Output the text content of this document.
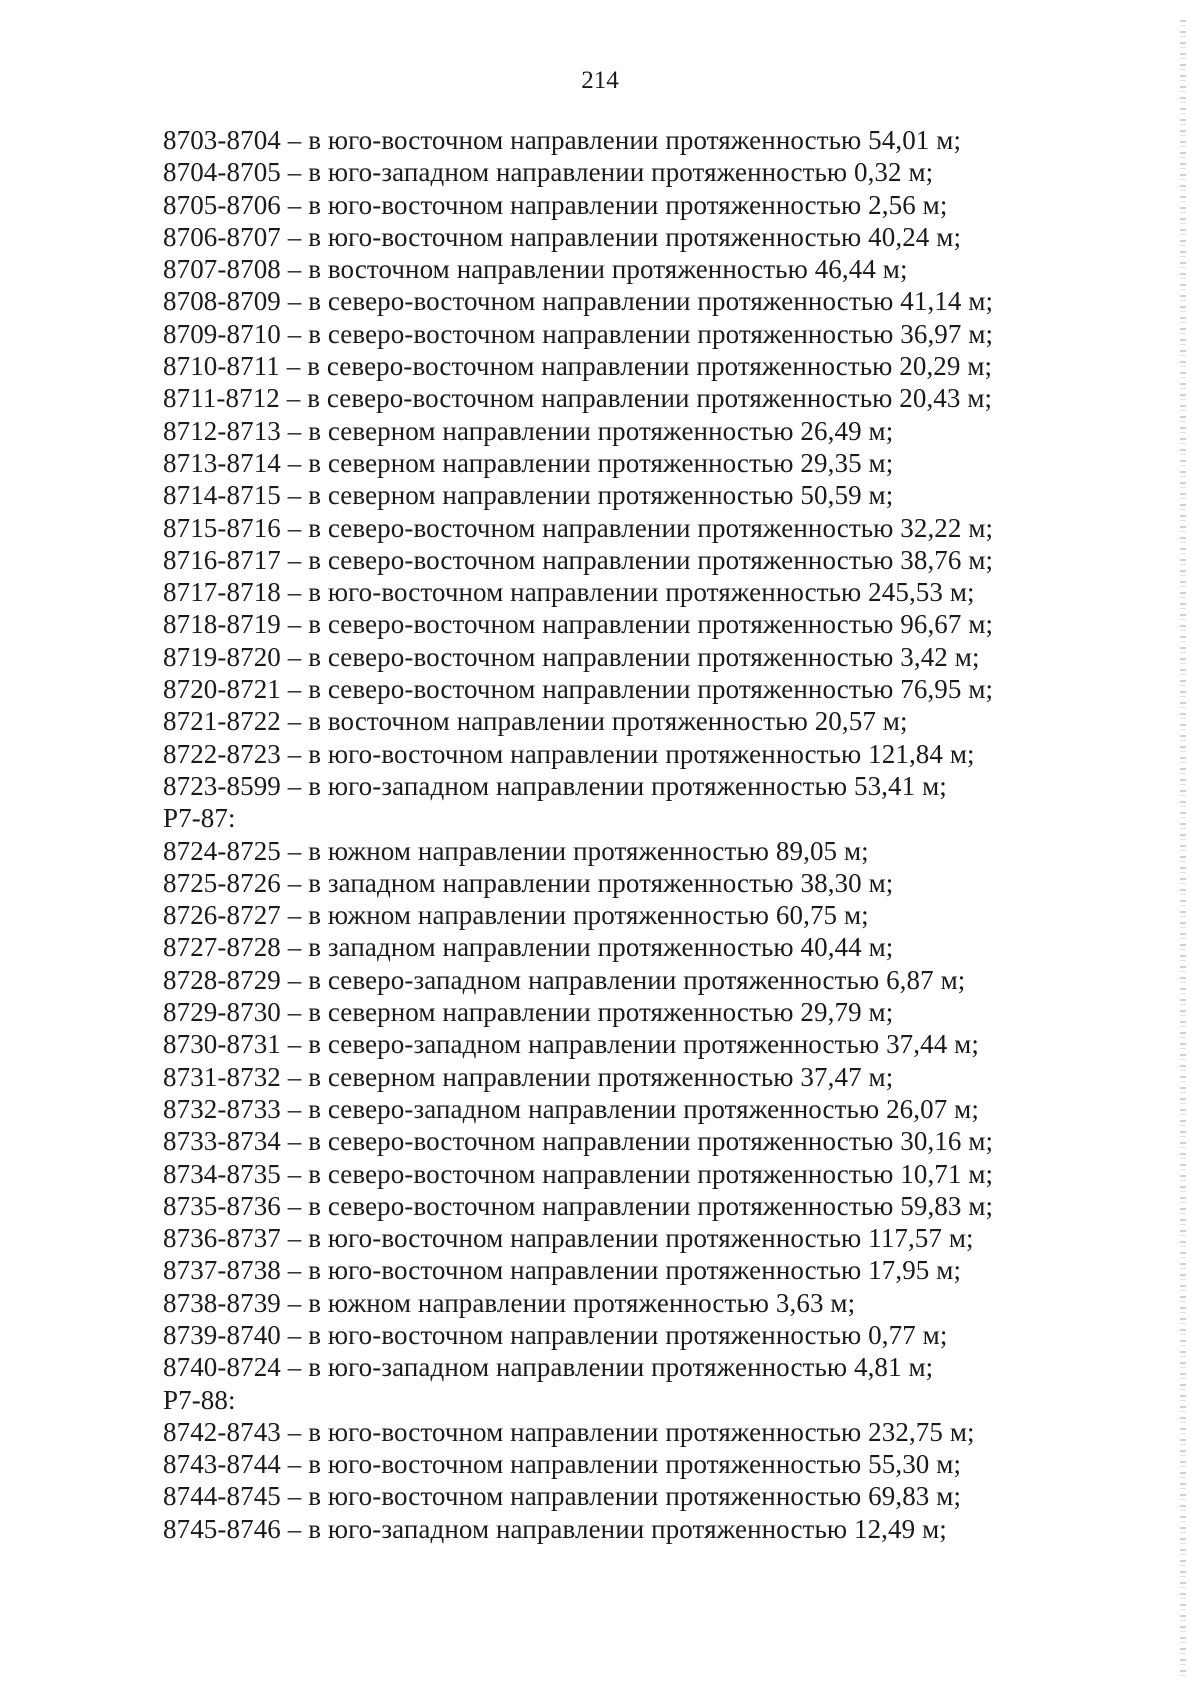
214
8703-8704 – в юго-восточном направлении протяженностью 54,01 м;
8704-8705 – в юго-западном направлении протяженностью 0,32 м;
8705-8706 – в юго-восточном направлении протяженностью 2,56 м;
8706-8707 – в юго-восточном направлении протяженностью 40,24 м;
8707-8708 – в восточном направлении протяженностью 46,44 м;
8708-8709 – в северо-восточном направлении протяженностью 41,14 м;
8709-8710 – в северо-восточном направлении протяженностью 36,97 м;
8710-8711 – в северо-восточном направлении протяженностью 20,29 м;
8711-8712 – в северо-восточном направлении протяженностью 20,43 м;
8712-8713 – в северном направлении протяженностью 26,49 м;
8713-8714 – в северном направлении протяженностью 29,35 м;
8714-8715 – в северном направлении протяженностью 50,59 м;
8715-8716 – в северо-восточном направлении протяженностью 32,22 м;
8716-8717 – в северо-восточном направлении протяженностью 38,76 м;
8717-8718 – в юго-восточном направлении протяженностью 245,53 м;
8718-8719 – в северо-восточном направлении протяженностью 96,67 м;
8719-8720 – в северо-восточном направлении протяженностью 3,42 м;
8720-8721 – в северо-восточном направлении протяженностью 76,95 м;
8721-8722 – в восточном направлении протяженностью 20,57 м;
8722-8723 – в юго-восточном направлении протяженностью 121,84 м;
8723-8599 – в юго-западном направлении протяженностью 53,41 м;
Р7-87:
8724-8725 – в южном направлении протяженностью 89,05 м;
8725-8726 – в западном направлении протяженностью 38,30 м;
8726-8727 – в южном направлении протяженностью 60,75 м;
8727-8728 – в западном направлении протяженностью 40,44 м;
8728-8729 – в северо-западном направлении протяженностью 6,87 м;
8729-8730 – в северном направлении протяженностью 29,79 м;
8730-8731 – в северо-западном направлении протяженностью 37,44 м;
8731-8732 – в северном направлении протяженностью 37,47 м;
8732-8733 – в северо-западном направлении протяженностью 26,07 м;
8733-8734 – в северо-восточном направлении протяженностью 30,16 м;
8734-8735 – в северо-восточном направлении протяженностью 10,71 м;
8735-8736 – в северо-восточном направлении протяженностью 59,83 м;
8736-8737 – в юго-восточном направлении протяженностью 117,57 м;
8737-8738 – в юго-восточном направлении протяженностью 17,95 м;
8738-8739 – в южном направлении протяженностью 3,63 м;
8739-8740 – в юго-восточном направлении протяженностью 0,77 м;
8740-8724 – в юго-западном направлении протяженностью 4,81 м;
Р7-88:
8742-8743 – в юго-восточном направлении протяженностью 232,75 м;
8743-8744 – в юго-восточном направлении протяженностью 55,30 м;
8744-8745 – в юго-восточном направлении протяженностью 69,83 м;
8745-8746 – в юго-западном направлении протяженностью 12,49 м;
